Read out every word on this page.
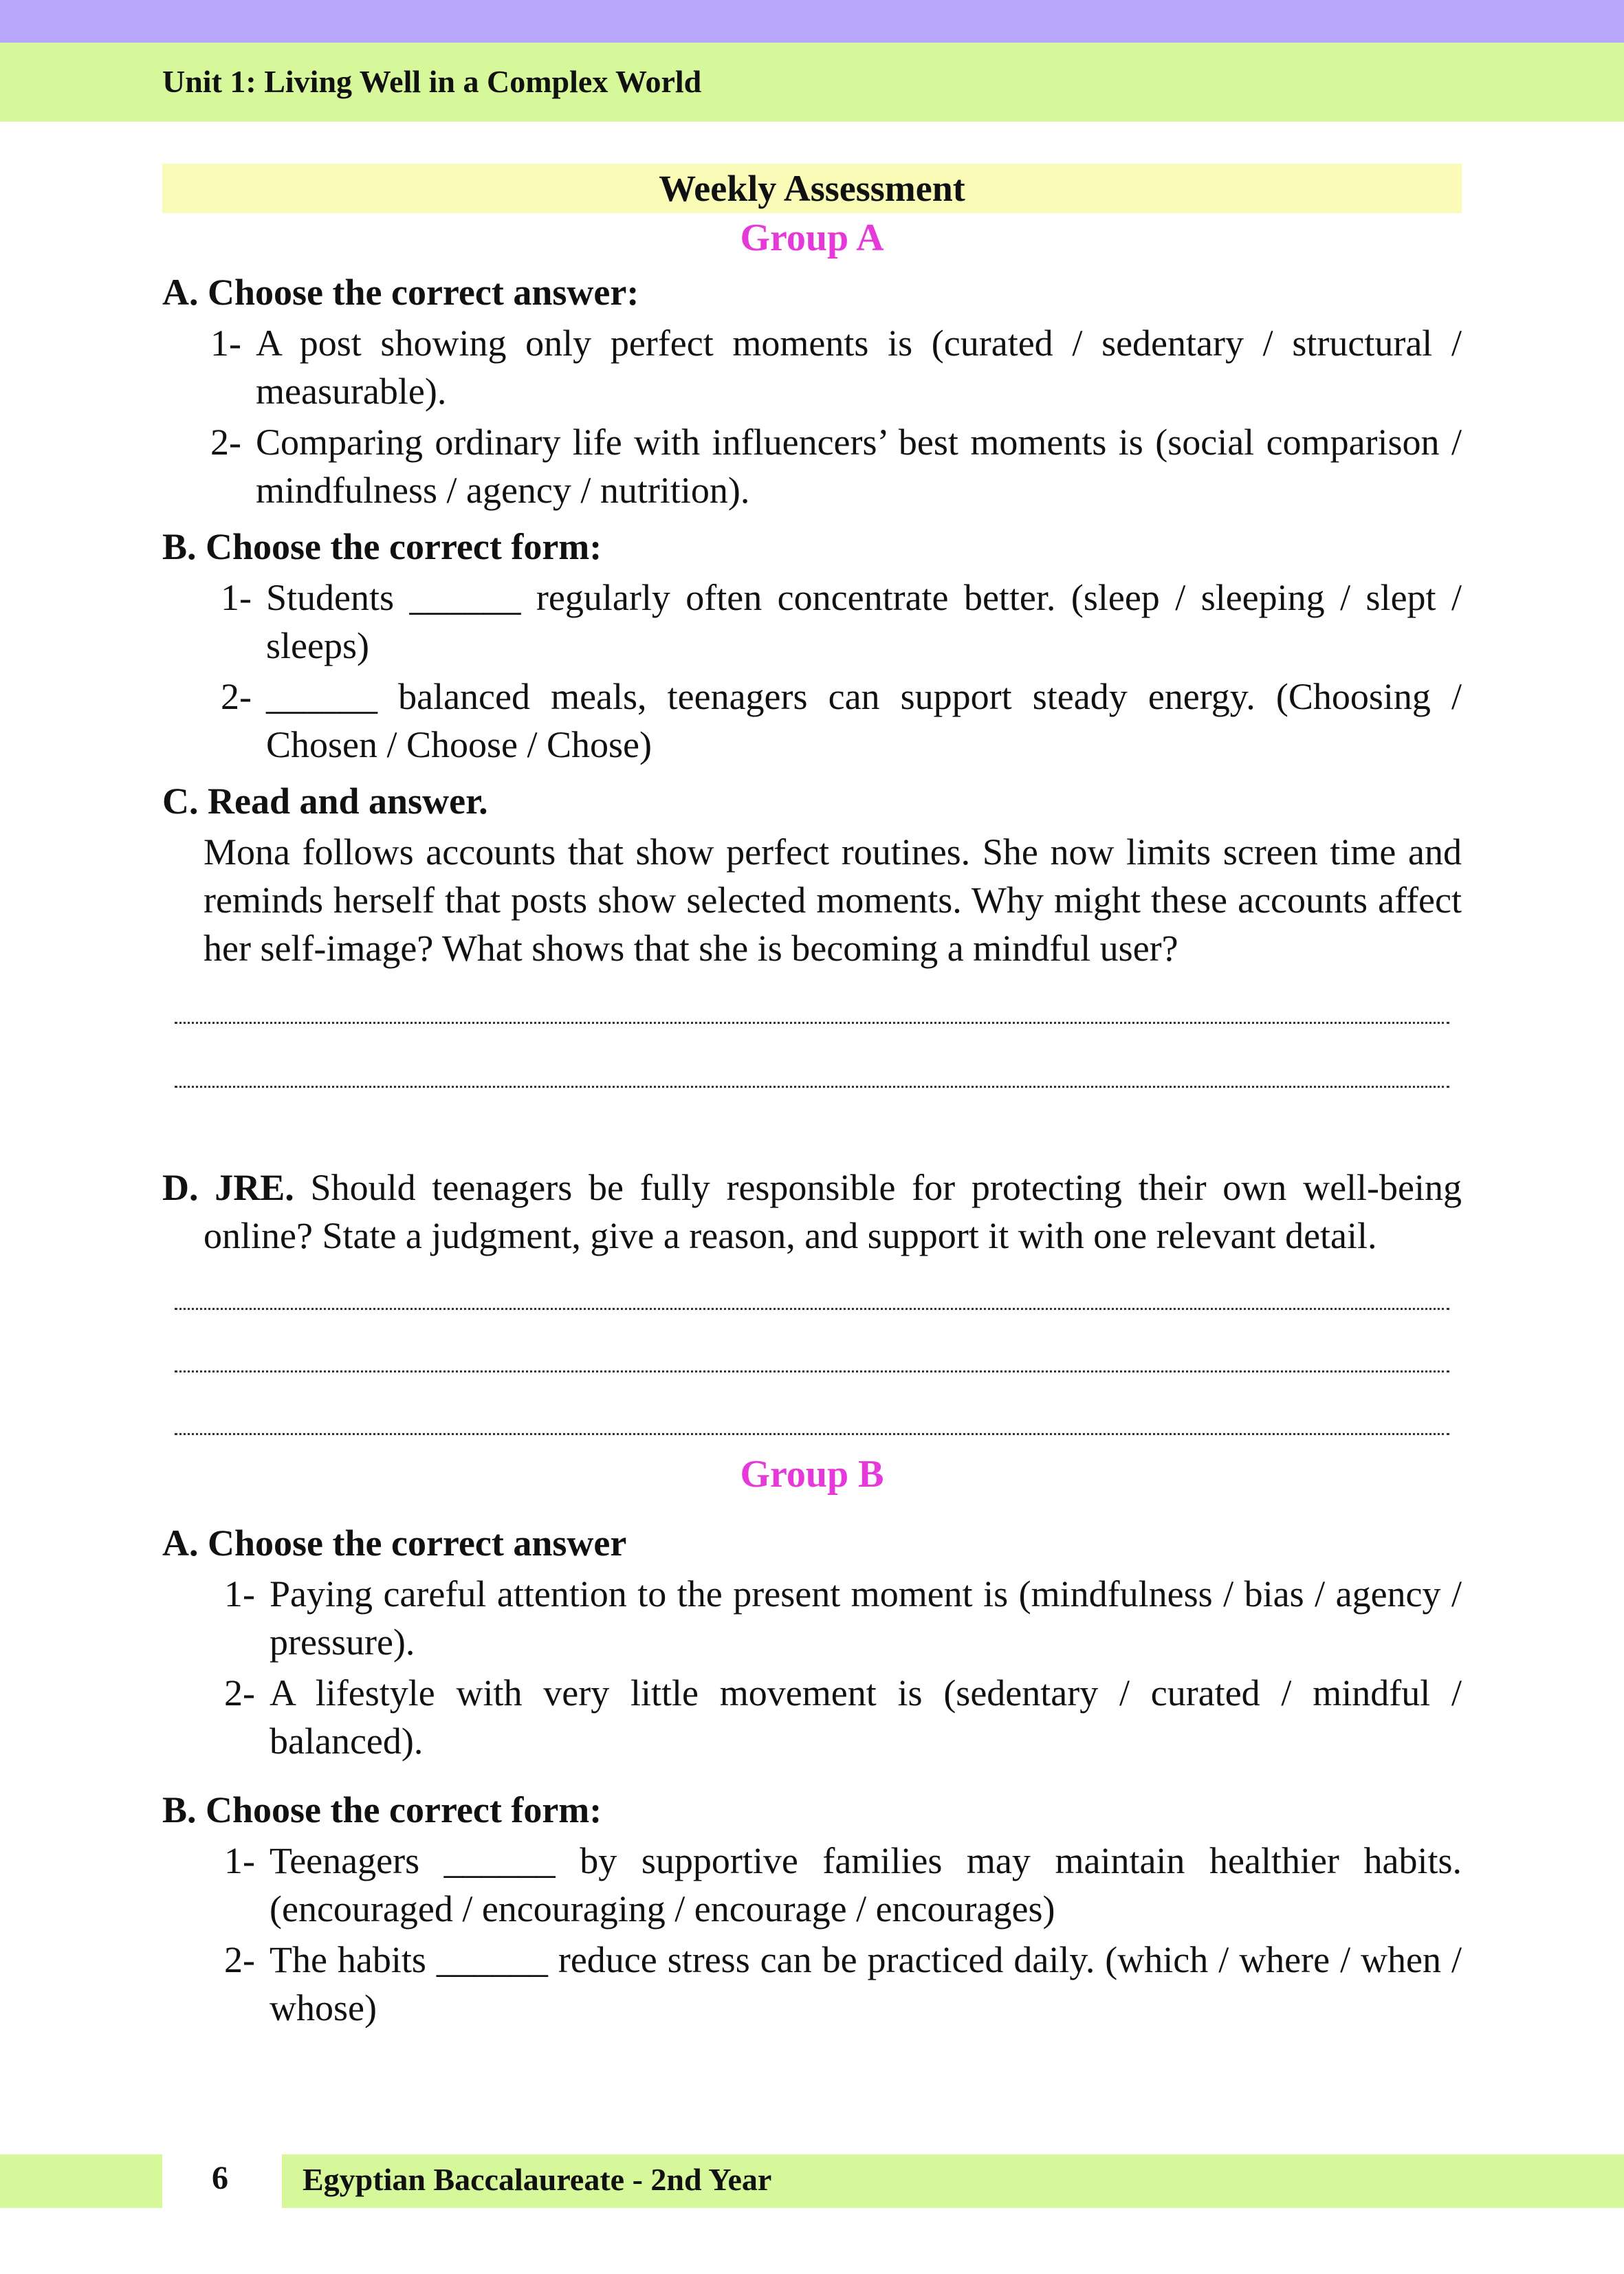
Unit 1: Living Well in a Complex World
Weekly Assessment
Group A
A. Choose the correct answer:
1- A post showing only perfect moments is (curated / sedentary / structural / measurable).
2- Comparing ordinary life with influencers’ best moments is (social comparison / mindfulness / agency / nutrition).
B. Choose the correct form:
1- Students ______ regularly often concentrate better. (sleep / sleeping / slept / sleeps)
2- ______ balanced meals, teenagers can support steady energy. (Choosing / Chosen / Choose / Chose)
C. Read and answer.
Mona follows accounts that show perfect routines. She now limits screen time and reminds herself that posts show selected moments. Why might these accounts affect her self-image? What shows that she is becoming a mindful user?
D. JRE. Should teenagers be fully responsible for protecting their own well-being online? State a judgment, give a reason, and support it with one relevant detail.
Group B
A. Choose the correct answer
1- Paying careful attention to the present moment is (mindfulness / bias / agency / pressure).
2- A lifestyle with very little movement is (sedentary / curated / mindful / balanced).
B. Choose the correct form:
1- Teenagers ______ by supportive families may maintain healthier habits. (encouraged / encouraging / encourage / encourages)
2- The habits ______ reduce stress can be practiced daily. (which / where / when / whose)
6 Egyptian Baccalaureate - 2nd Year
